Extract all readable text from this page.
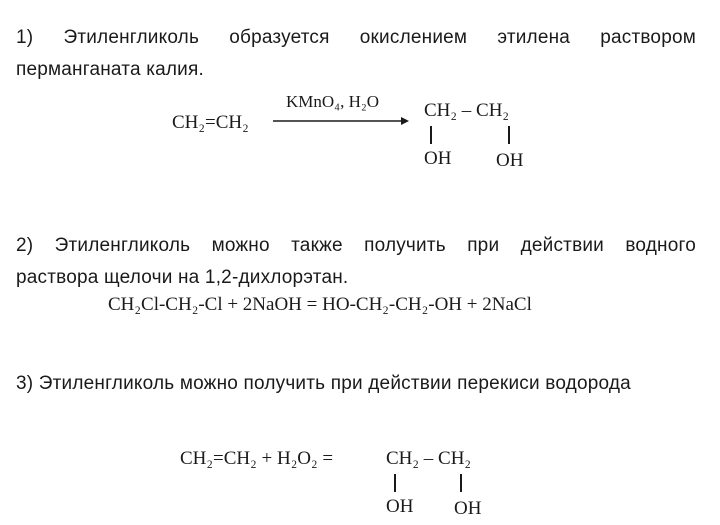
1) Этиленгликоль образуется окислением этилена раствором
перманганата калия.
CH₂=CH₂
KMnO₄, H₂O CH₂ – CH₂
OH OH
2) Этиленгликоль можно также получить при действии водного
раствора щелочи на 1,2-дихлорэтан.
CH₂Cl-CH₂-Cl + 2NaOH = HO-CH₂-CH₂-OH + 2NaCl
3) Этиленгликоль можно получить при действии перекиси водорода
CH₂=CH₂ + H₂O₂ =	CH₂ – CH₂
OH OH
